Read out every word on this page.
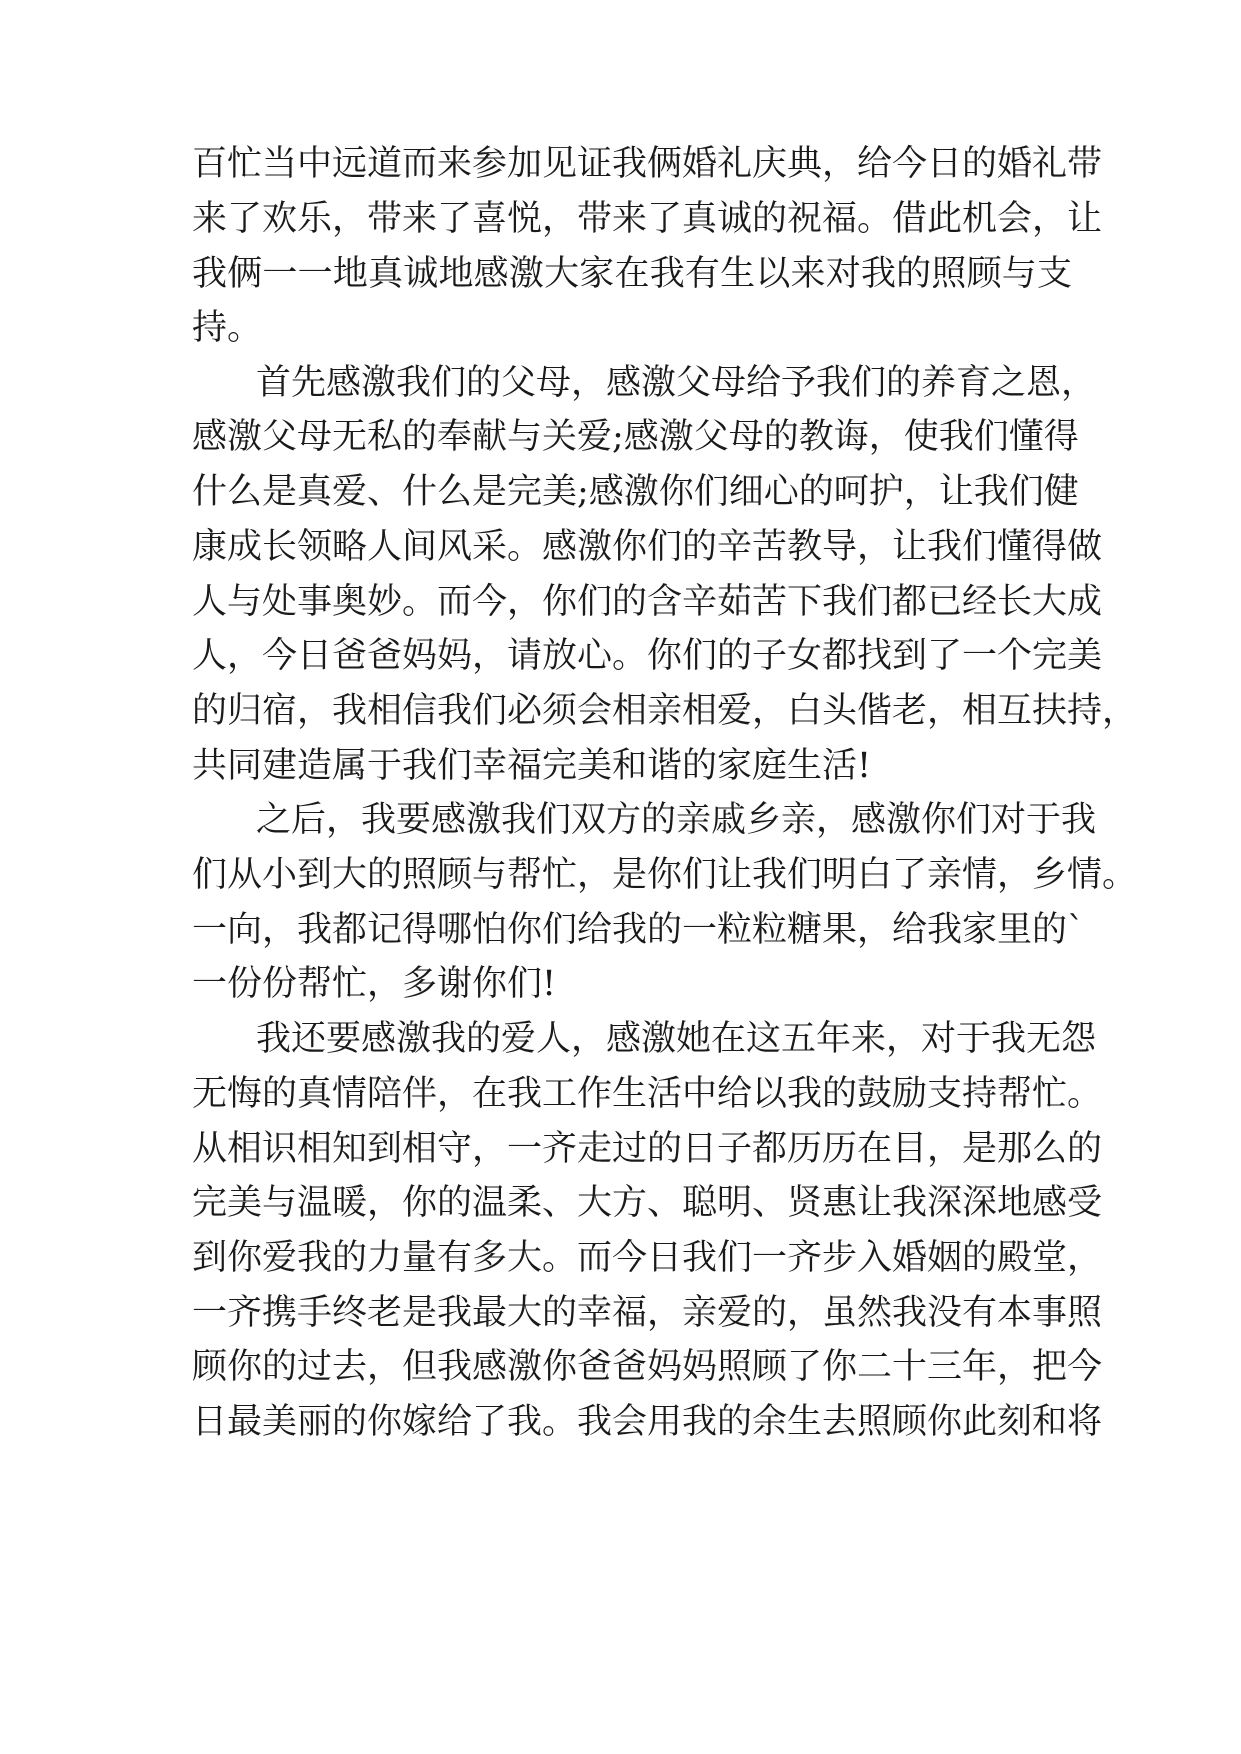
百忙当中远道而来参加见证我俩婚礼庆典，给今日的婚礼带
来了欢乐，带来了喜悦，带来了真诚的祝福。借此机会，让
我俩一一地真诚地感激大家在我有生以来对我的照顾与支
持。
首先感激我们的父母，感激父母给予我们的养育之恩，
感激父母无私的奉献与关爱;感激父母的教诲，使我们懂得
什么是真爱、什么是完美;感激你们细心的呵护，让我们健
康成长领略人间风采。感激你们的辛苦教导，让我们懂得做
人与处事奥妙。而今，你们的含辛茹苦下我们都已经长大成
人，今日爸爸妈妈，请放心。你们的子女都找到了一个完美
的归宿，我相信我们必须会相亲相爱，白头偕老，相互扶持，
共同建造属于我们幸福完美和谐的家庭生活!
之后，我要感激我们双方的亲戚乡亲，感激你们对于我
们从小到大的照顾与帮忙，是你们让我们明白了亲情，乡情。
一向，我都记得哪怕你们给我的一粒粒糖果，给我家里的`
一份份帮忙，多谢你们!
我还要感激我的爱人，感激她在这五年来，对于我无怨
无悔的真情陪伴，在我工作生活中给以我的鼓励支持帮忙。
从相识相知到相守，一齐走过的日子都历历在目，是那么的
完美与温暖，你的温柔、大方、聪明、贤惠让我深深地感受
到你爱我的力量有多大。而今日我们一齐步入婚姻的殿堂，
一齐携手终老是我最大的幸福，亲爱的，虽然我没有本事照
顾你的过去，但我感激你爸爸妈妈照顾了你二十三年，把今
日最美丽的你嫁给了我。我会用我的余生去照顾你此刻和将
